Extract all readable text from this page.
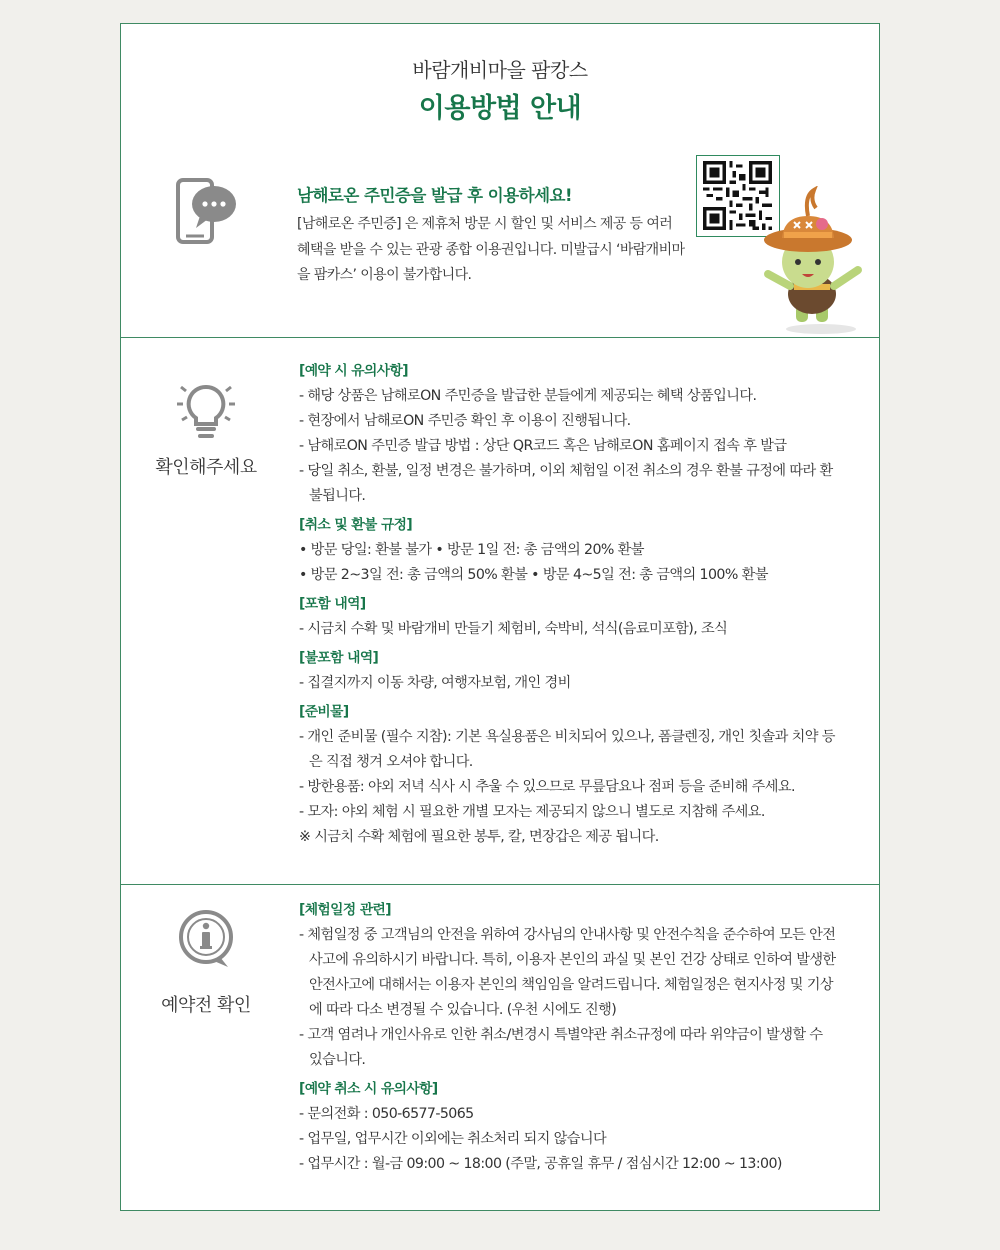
바람개비마을 팜캉스
이용방법 안내
남해로온 주민증을 발급 후 이용하세요!
[남해로온 주민증] 은 제휴처 방문 시 할인 및 서비스 제공 등 여러 혜택을 받을 수 있는 관광 종합 이용권입니다. 미발급시 ‘바람개비마을 팜카스’ 이용이 불가합니다.
확인해주세요
[예약 시 유의사항]
- 해당 상품은 남해로ON 주민증을 발급한 분들에게 제공되는 혜택 상품입니다.
- 현장에서 남해로ON 주민증 확인 후 이용이 진행됩니다.
- 남해로ON 주민증 발급 방법 : 상단 QR코드 혹은 남해로ON 홈페이지 접속 후 발급
- 당일 취소, 환불, 일정 변경은 불가하며, 이외 체험일 이전 취소의 경우 환불 규정에 따라 환불됩니다.
[취소 및 환불 규정]
• 방문 당일: 환불 불가 • 방문 1일 전: 총 금액의 20% 환불
• 방문 2~3일 전: 총 금액의 50% 환불 • 방문 4~5일 전: 총 금액의 100% 환불
[포함 내역]
- 시금치 수확 및 바람개비 만들기 체험비, 숙박비, 석식(음료미포함), 조식
[불포함 내역]
- 집결지까지 이동 차량, 여행자보험, 개인 경비
[준비물]
- 개인 준비물 (필수 지참): 기본 욕실용품은 비치되어 있으나, 폼클렌징, 개인 칫솔과 치약 등은 직접 챙겨 오셔야 합니다.
- 방한용품: 야외 저녁 식사 시 추울 수 있으므로 무릎담요나 점퍼 등을 준비해 주세요.
- 모자: 야외 체험 시 필요한 개별 모자는 제공되지 않으니 별도로 지참해 주세요.
※ 시금치 수확 체험에 필요한 봉투, 칼, 면장갑은 제공 됩니다.
예약전 확인
[체험일정 관련]
- 체험일정 중 고객님의 안전을 위하여 강사님의 안내사항 및 안전수칙을 준수하여 모든 안전사고에 유의하시기 바랍니다. 특히, 이용자 본인의 과실 및 본인 건강 상태로 인하여 발생한 안전사고에 대해서는 이용자 본인의 책임임을 알려드립니다. 체험일정은 현지사정 및 기상에 따라 다소 변경될 수 있습니다. (우천 시에도 진행)
- 고객 염려나 개인사유로 인한 취소/변경시 특별약관 취소규정에 따라 위약금이 발생할 수 있습니다.
[예약 취소 시 유의사항]
- 문의전화 : 050-6577-5065
- 업무일, 업무시간 이외에는 취소처리 되지 않습니다
- 업무시간 : 월-금 09:00 ~ 18:00 (주말, 공휴일 휴무 / 점심시간 12:00 ~ 13:00)
